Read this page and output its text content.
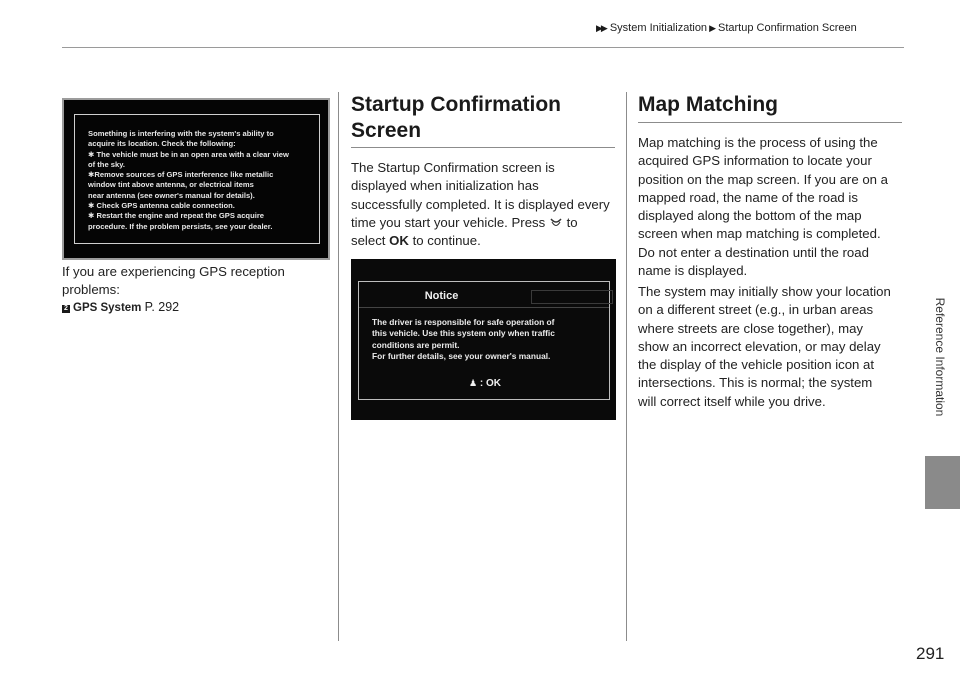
▶▶ System Initialization ▶ Startup Confirmation Screen
Reference Information
291
Something is interfering with the system's ability to
acquire its location. Check the following:
✱ The vehicle must be in an open area with a clear view
of the sky.
✱Remove sources of GPS interference like metallic
window tint above antenna, or electrical items
near antenna (see owner's manual for details).
✱ Check GPS antenna cable connection.
✱ Restart the engine and repeat the GPS acquire
procedure. If the problem persists, see your dealer.
If you are experiencing GPS reception
problems:
2 GPS System P. 292
Startup Confirmation
Screen
The Startup Confirmation screen is
displayed when initialization has
successfully completed. It is displayed every
time you start your vehicle. Press to
select OK to continue.
Notice
The driver is responsible for safe operation of
this vehicle. Use this system only when traffic
conditions are permit.
For further details, see your owner's manual.
♟ : OK
Map Matching
Map matching is the process of using the
acquired GPS information to locate your
position on the map screen. If you are on a
mapped road, the name of the road is
displayed along the bottom of the map
screen when map matching is completed.
Do not enter a destination until the road
name is displayed.
The system may initially show your location
on a different street (e.g., in urban areas
where streets are close together), may
show an incorrect elevation, or may delay
the display of the vehicle position icon at
intersections. This is normal; the system
will correct itself while you drive.
